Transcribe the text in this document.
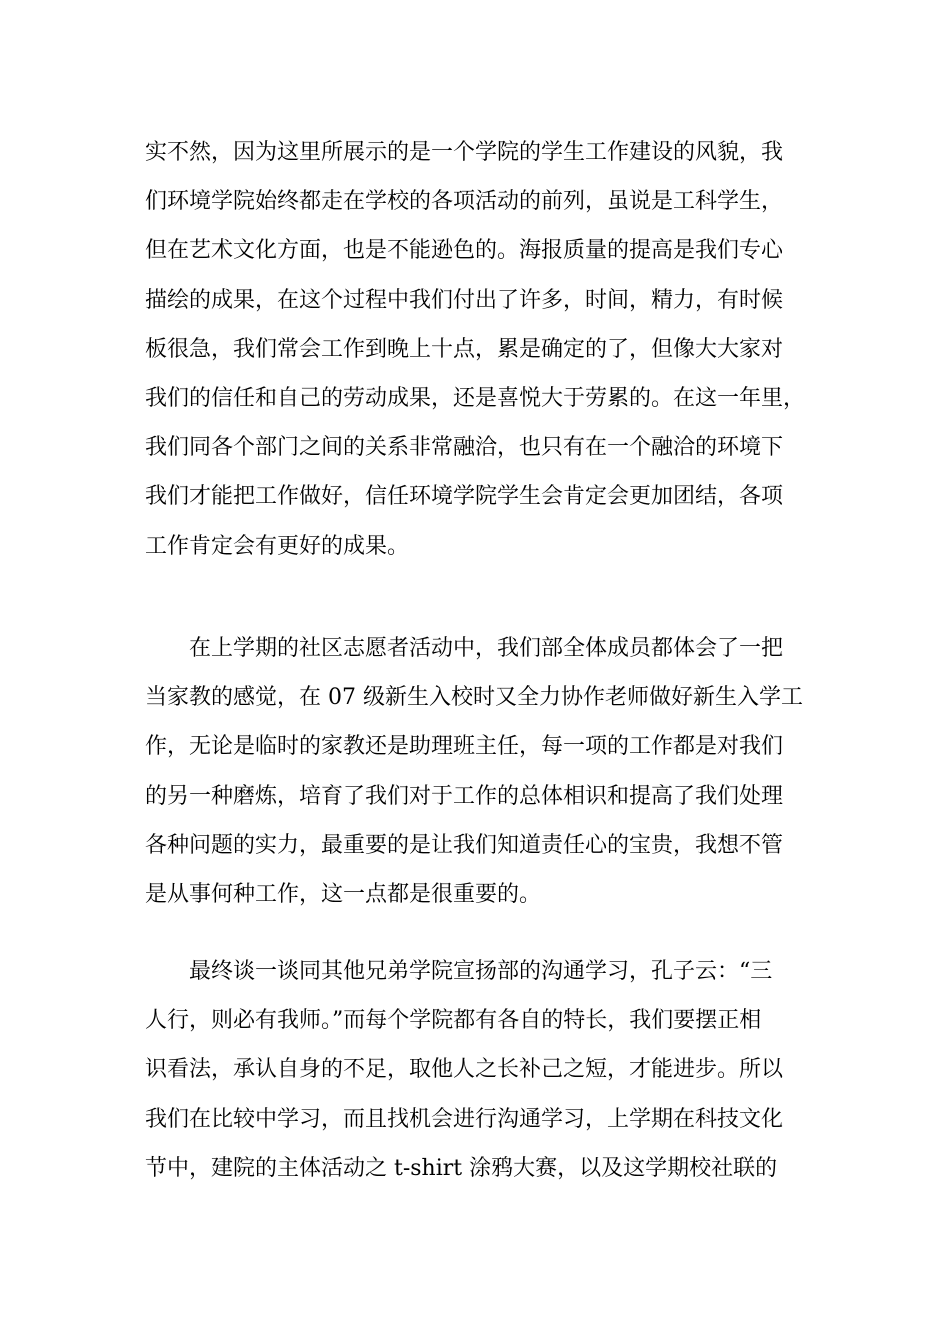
实不然，因为这里所展示的是一个学院的学生工作建设的风貌，我
们环境学院始终都走在学校的各项活动的前列，虽说是工科学生，
但在艺术文化方面，也是不能逊色的。海报质量的提高是我们专心
描绘的成果，在这个过程中我们付出了许多，时间，精力，有时候
板很急，我们常会工作到晚上十点，累是确定的了，但像大大家对
我们的信任和自己的劳动成果，还是喜悦大于劳累的。在这一年里，
我们同各个部门之间的关系非常融洽，也只有在一个融洽的环境下
我们才能把工作做好，信任环境学院学生会肯定会更加团结，各项
工作肯定会有更好的成果。
　　在上学期的社区志愿者活动中，我们部全体成员都体会了一把
当家教的感觉，在 07 级新生入校时又全力协作老师做好新生入学工
作，无论是临时的家教还是助理班主任，每一项的工作都是对我们
的另一种磨炼，培育了我们对于工作的总体相识和提高了我们处理
各种问题的实力，最重要的是让我们知道责任心的宝贵，我想不管
是从事何种工作，这一点都是很重要的。
　　最终谈一谈同其他兄弟学院宣扬部的沟通学习，孔子云：“三
人行，则必有我师。”而每个学院都有各自的特长，我们要摆正相
识看法，承认自身的不足，取他人之长补己之短，才能进步。所以
我们在比较中学习，而且找机会进行沟通学习，上学期在科技文化
节中，建院的主体活动之 t-shirt 涂鸦大赛，以及这学期校社联的
